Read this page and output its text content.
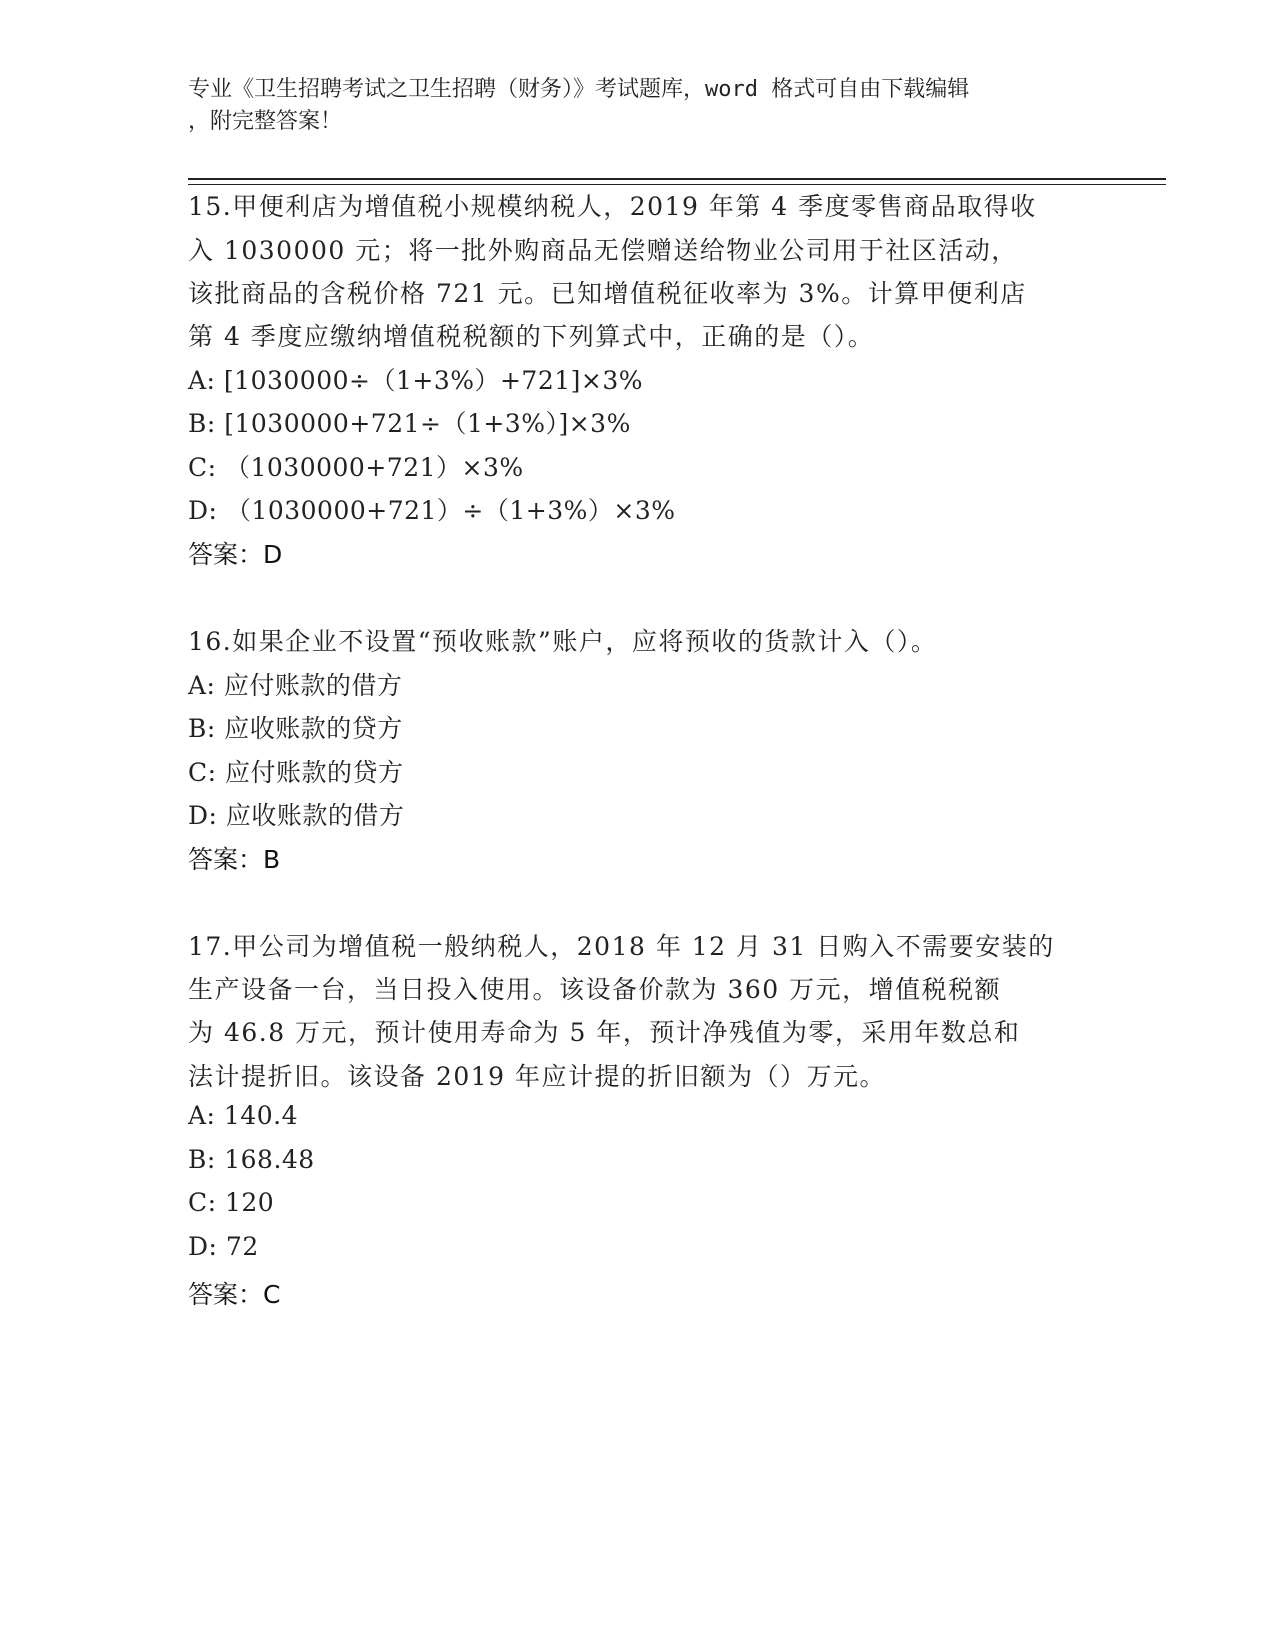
专业《卫生招聘考试之卫生招聘（财务）》考试题库，word 格式可自由下载编辑
，附完整答案！
15.甲便利店为增值税小规模纳税人，2019 年第 4 季度零售商品取得收
入 1030000 元；将一批外购商品无偿赠送给物业公司用于社区活动，
该批商品的含税价格 721 元。已知增值税征收率为 3%。计算甲便利店
第 4 季度应缴纳增值税税额的下列算式中，正确的是（）。
A: [1030000÷（1+3%）+721]×3%
B: [1030000+721÷（1+3%）]×3%
C: （1030000+721）×3%
D: （1030000+721）÷（1+3%）×3%
答案：D
16.如果企业不设置“预收账款”账户，应将预收的货款计入（）。
A: 应付账款的借方
B: 应收账款的贷方
C: 应付账款的贷方
D: 应收账款的借方
答案：B
17.甲公司为增值税一般纳税人，2018 年 12 月 31 日购入不需要安装的
生产设备一台，当日投入使用。该设备价款为 360 万元，增值税税额
为 46.8 万元，预计使用寿命为 5 年，预计净残值为零，采用年数总和
法计提折旧。该设备 2019 年应计提的折旧额为（）万元。
A: 140.4
B: 168.48
C: 120
D: 72
答案：C
